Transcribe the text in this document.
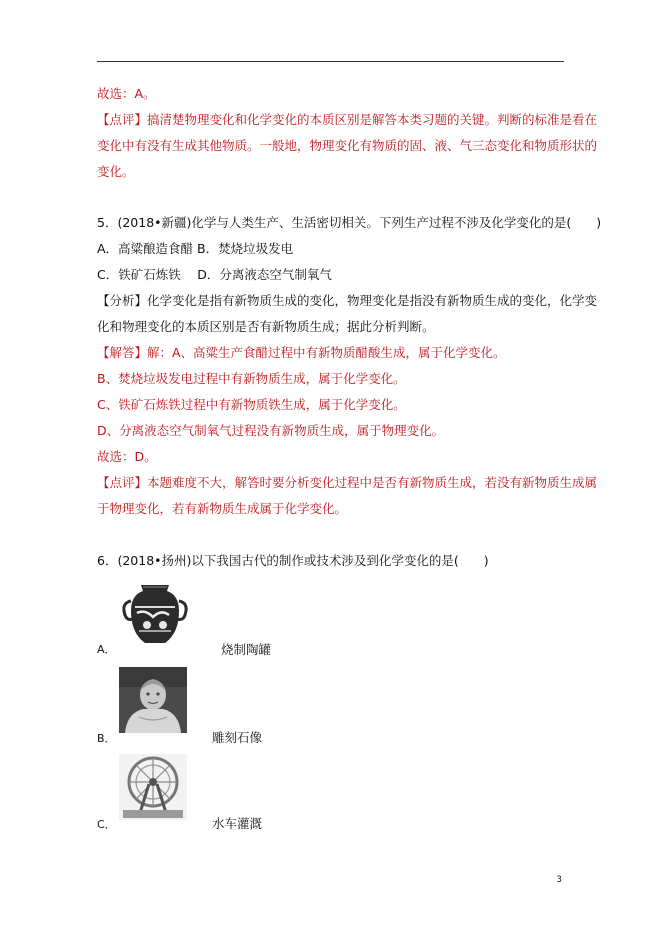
故选：A。
【点评】搞清楚物理变化和化学变化的本质区别是解答本类习题的关键。判断的标准是看在
变化中有没有生成其他物质。一般地，物理变化有物质的固、液、气三态变化和物质形状的
变化。
5．(2018•新疆)化学与人类生产、生活密切相关。下列生产过程不涉及化学变化的是(　　)
A．高粱酿造食醋 B．焚烧垃圾发电
C．铁矿石炼铁　 D．分离液态空气制氧气
【分析】化学变化是指有新物质生成的变化，物理变化是指没有新物质生成的变化，化学变
化和物理变化的本质区别是否有新物质生成；据此分析判断。
【解答】解：A、高粱生产食醋过程中有新物质醋酸生成，属于化学变化。
B、焚烧垃圾发电过程中有新物质生成，属于化学变化。
C、铁矿石炼铁过程中有新物质铁生成，属于化学变化。
D、分离液态空气制氧气过程没有新物质生成，属于物理变化。
故选：D。
【点评】本题难度不大，解答时要分析变化过程中是否有新物质生成，若没有新物质生成属
于物理变化，若有新物质生成属于化学变化。
6．(2018•扬州)以下我国古代的制作或技术涉及到化学变化的是(　　)
A．	烧制陶罐
B．	雕刻石像
C．	水车灌溉
3
